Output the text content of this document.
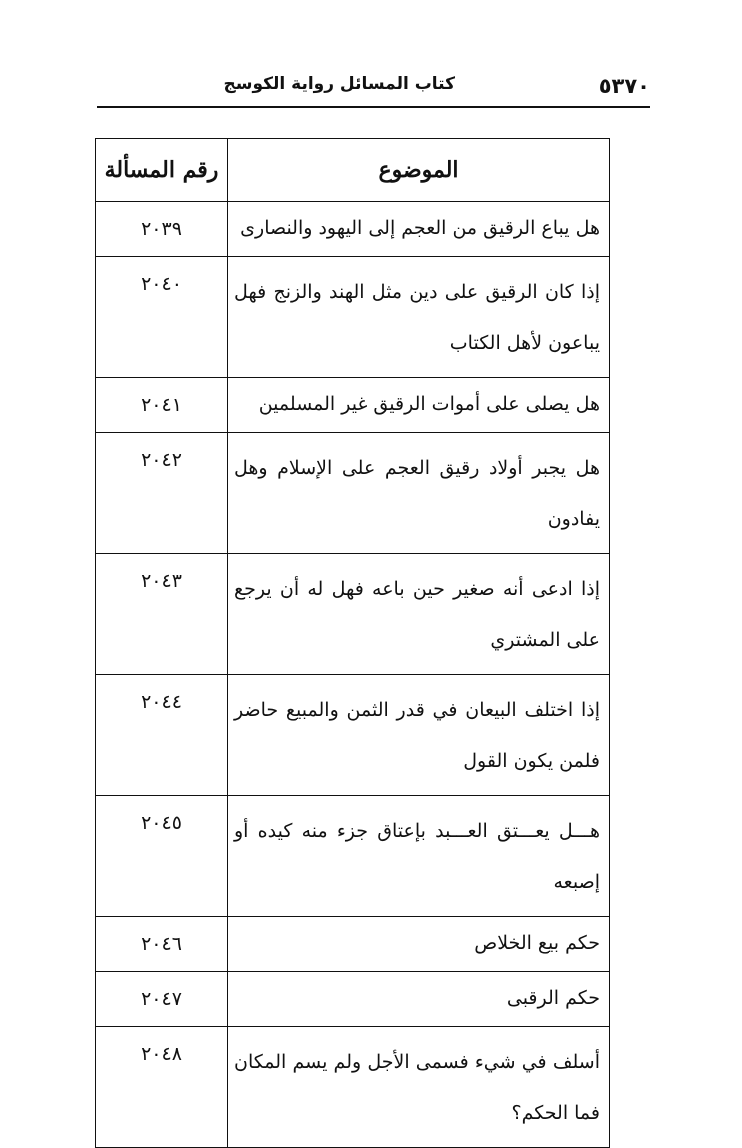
٥٣٧٠
كتاب المسائل رواية الكوسج
الموضوع	رقم المسألة
هل يباع الرقيق من العجم إلى اليهود والنصارى	٢٠٣٩
إذا كان الرقيق على دين مثل الهند والزنج فهل يباعون لأهل الكتاب	٢٠٤٠
هل يصلى على أموات الرقيق غير المسلمين	٢٠٤١
هل يجبر أولاد رقيق العجم على الإسلام وهل يفادون	٢٠٤٢
إذا ادعى أنه صغير حين باعه فهل له أن يرجع على المشتري	٢٠٤٣
إذا اختلف البيعان في قدر الثمن والمبيع حاضر فلمن يكون القول	٢٠٤٤
هـــل يعـــتق العـــبد بإعتاق جزء منه كيده أو إصبعه	٢٠٤٥
حكم بيع الخلاص	٢٠٤٦
حكم الرقبى	٢٠٤٧
أسلف في شيء فسمى الأجل ولم يسم المكان فما الحكم؟	٢٠٤٨
